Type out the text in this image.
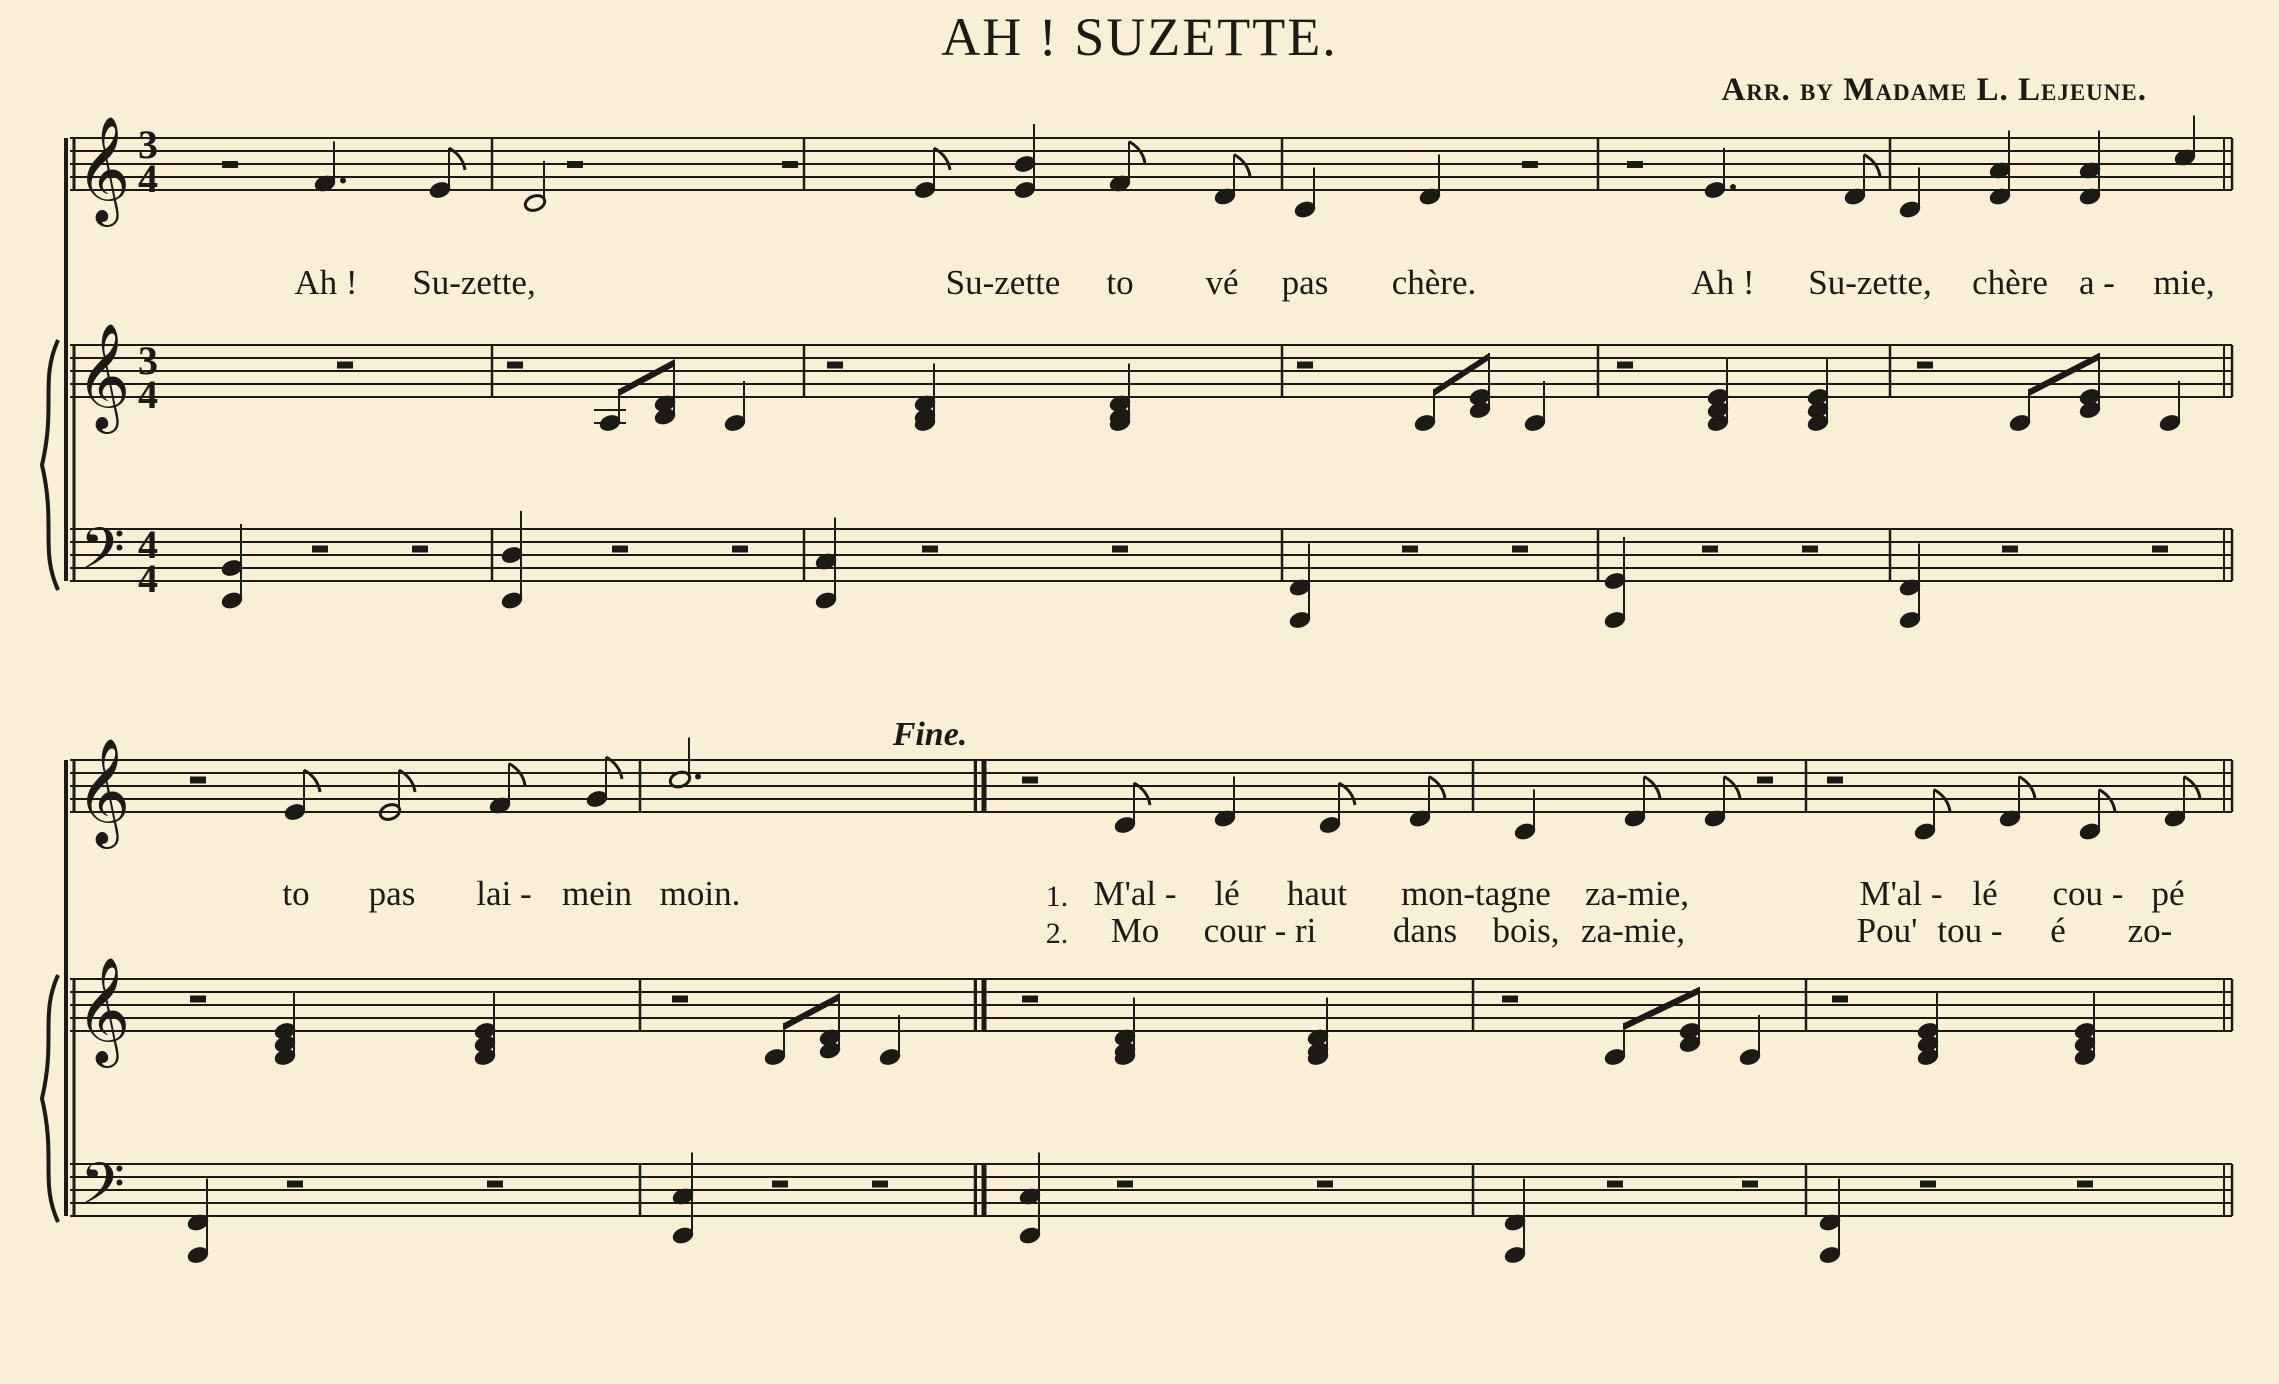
𝄞
𝄞
𝄢
𝄞
𝄞
𝄢
AH ! SUZETTE.
Arr. by Madame L. Lejeune.
Fine.
3
4
3
4
4
4
Ah ! Su-zette,	Su-zette to vé pas chère.	Ah ! Su-zette, chère a - mie,
to pas lai - mein moin.	1. M'al - lé haut mon-tagne za-mie,	M'al - lé cou - pé
2. Mo cour - ri dans bois, za-mie,	Pou' tou - é zo-
